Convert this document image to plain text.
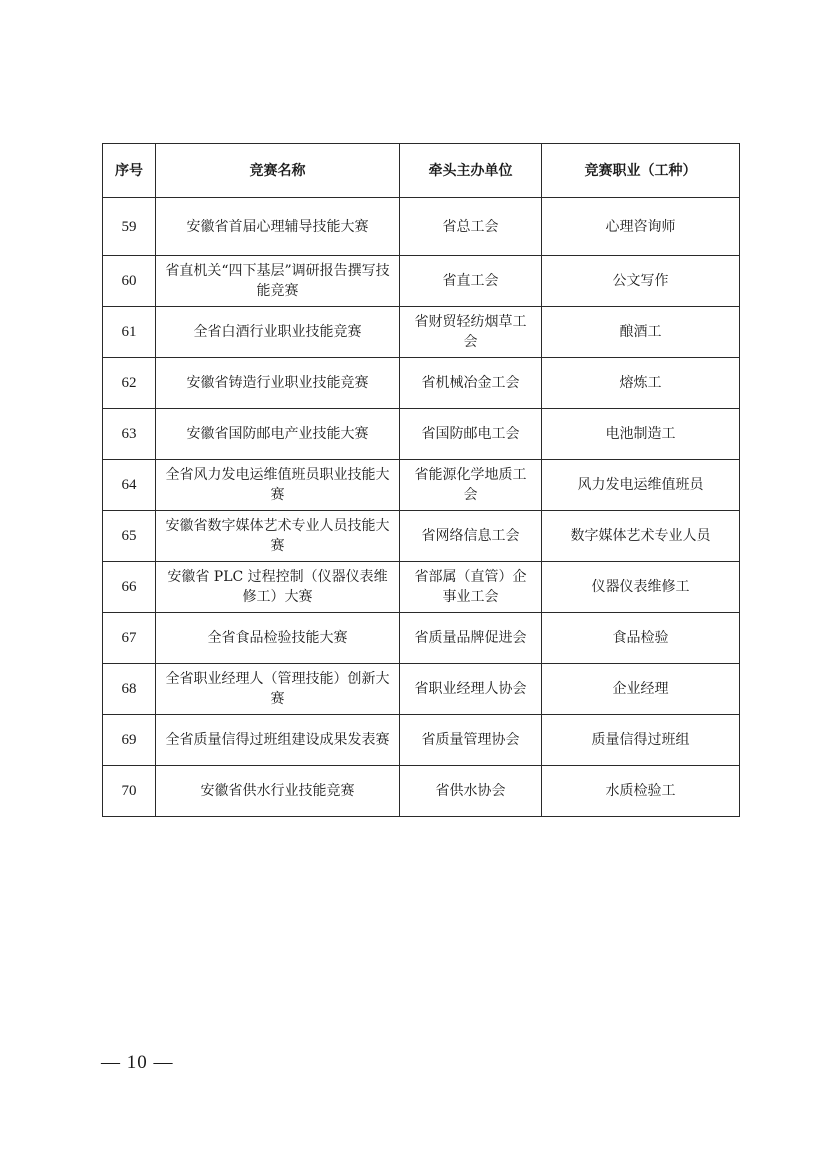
序号	竞赛名称	牵头主办单位	竞赛职业（工种）
59	安徽省首届心理辅导技能大赛	省总工会	心理咨询师
60	省直机关“四下基层”调研报告撰写技能竞赛	省直工会	公文写作
61	全省白酒行业职业技能竞赛	省财贸轻纺烟草工会	酿酒工
62	安徽省铸造行业职业技能竞赛	省机械冶金工会	熔炼工
63	安徽省国防邮电产业技能大赛	省国防邮电工会	电池制造工
64	全省风力发电运维值班员职业技能大赛	省能源化学地质工会	风力发电运维值班员
65	安徽省数字媒体艺术专业人员技能大赛	省网络信息工会	数字媒体艺术专业人员
66	安徽省 PLC 过程控制（仪器仪表维修工）大赛	省部属（直管）企事业工会	仪器仪表维修工
67	全省食品检验技能大赛	省质量品牌促进会	食品检验
68	全省职业经理人（管理技能）创新大赛	省职业经理人协会	企业经理
69	全省质量信得过班组建设成果发表赛	省质量管理协会	质量信得过班组
70	安徽省供水行业技能竞赛	省供水协会	水质检验工
— 10 —
